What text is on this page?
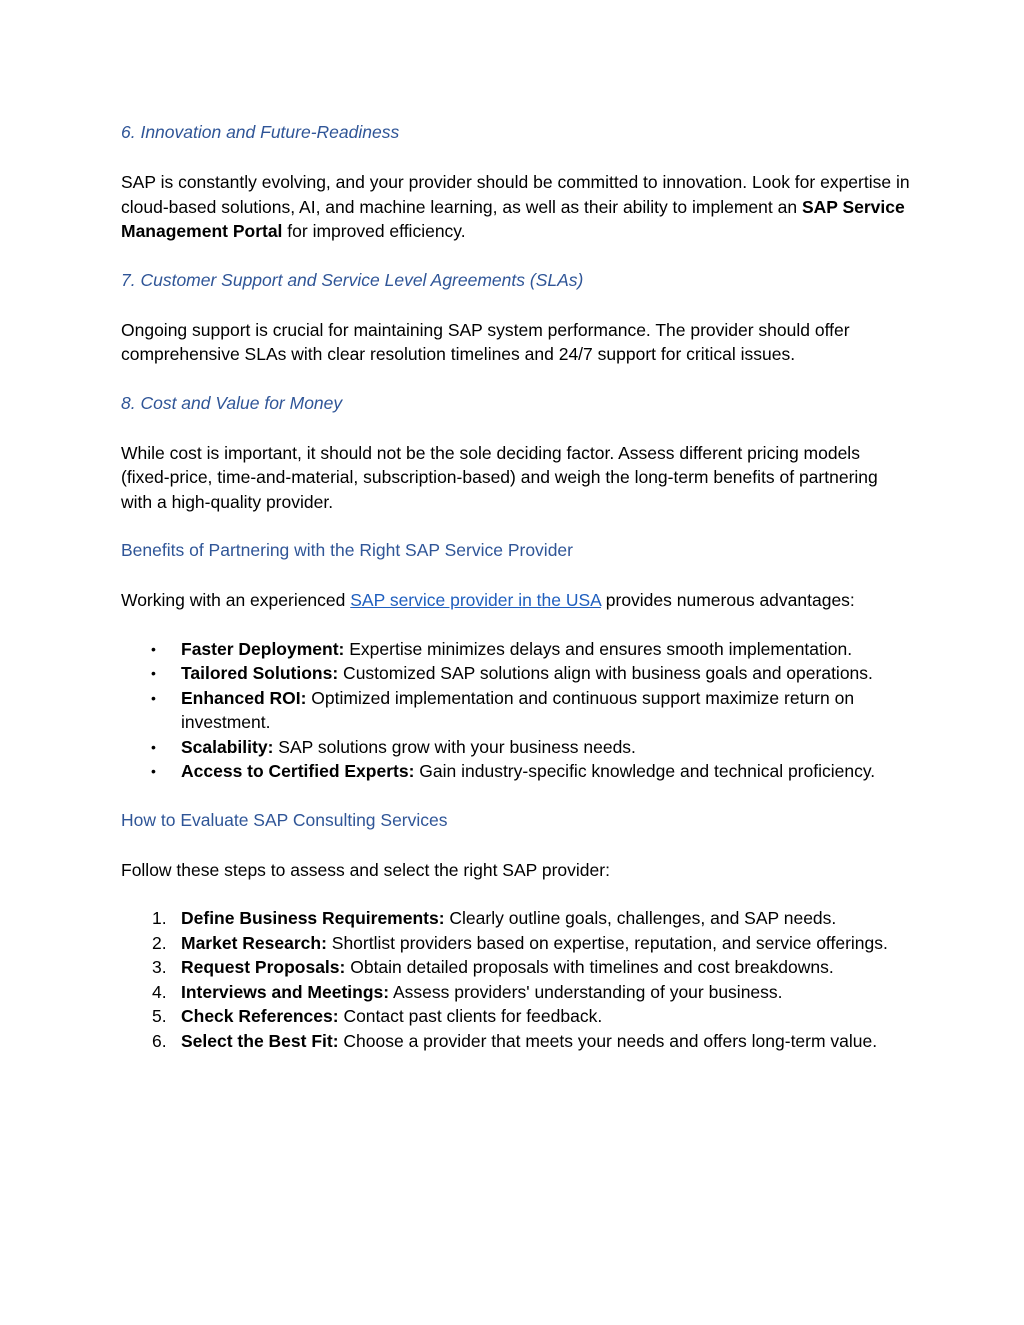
6. Innovation and Future-Readiness

SAP is constantly evolving, and your provider should be committed to innovation. Look for expertise in cloud-based solutions, AI, and machine learning, as well as their ability to implement an SAP Service Management Portal for improved efficiency.

7. Customer Support and Service Level Agreements (SLAs)

Ongoing support is crucial for maintaining SAP system performance. The provider should offer comprehensive SLAs with clear resolution timelines and 24/7 support for critical issues.

8. Cost and Value for Money

While cost is important, it should not be the sole deciding factor. Assess different pricing models (fixed-price, time-and-material, subscription-based) and weigh the long-term benefits of partnering with a high-quality provider.

Benefits of Partnering with the Right SAP Service Provider

Working with an experienced SAP service provider in the USA provides numerous advantages:

• Faster Deployment: Expertise minimizes delays and ensures smooth implementation.
• Tailored Solutions: Customized SAP solutions align with business goals and operations.
• Enhanced ROI: Optimized implementation and continuous support maximize return on investment.
• Scalability: SAP solutions grow with your business needs.
• Access to Certified Experts: Gain industry-specific knowledge and technical proficiency.

How to Evaluate SAP Consulting Services

Follow these steps to assess and select the right SAP provider:

1. Define Business Requirements: Clearly outline goals, challenges, and SAP needs.
2. Market Research: Shortlist providers based on expertise, reputation, and service offerings.
3. Request Proposals: Obtain detailed proposals with timelines and cost breakdowns.
4. Interviews and Meetings: Assess providers' understanding of your business.
5. Check References: Contact past clients for feedback.
6. Select the Best Fit: Choose a provider that meets your needs and offers long-term value.
